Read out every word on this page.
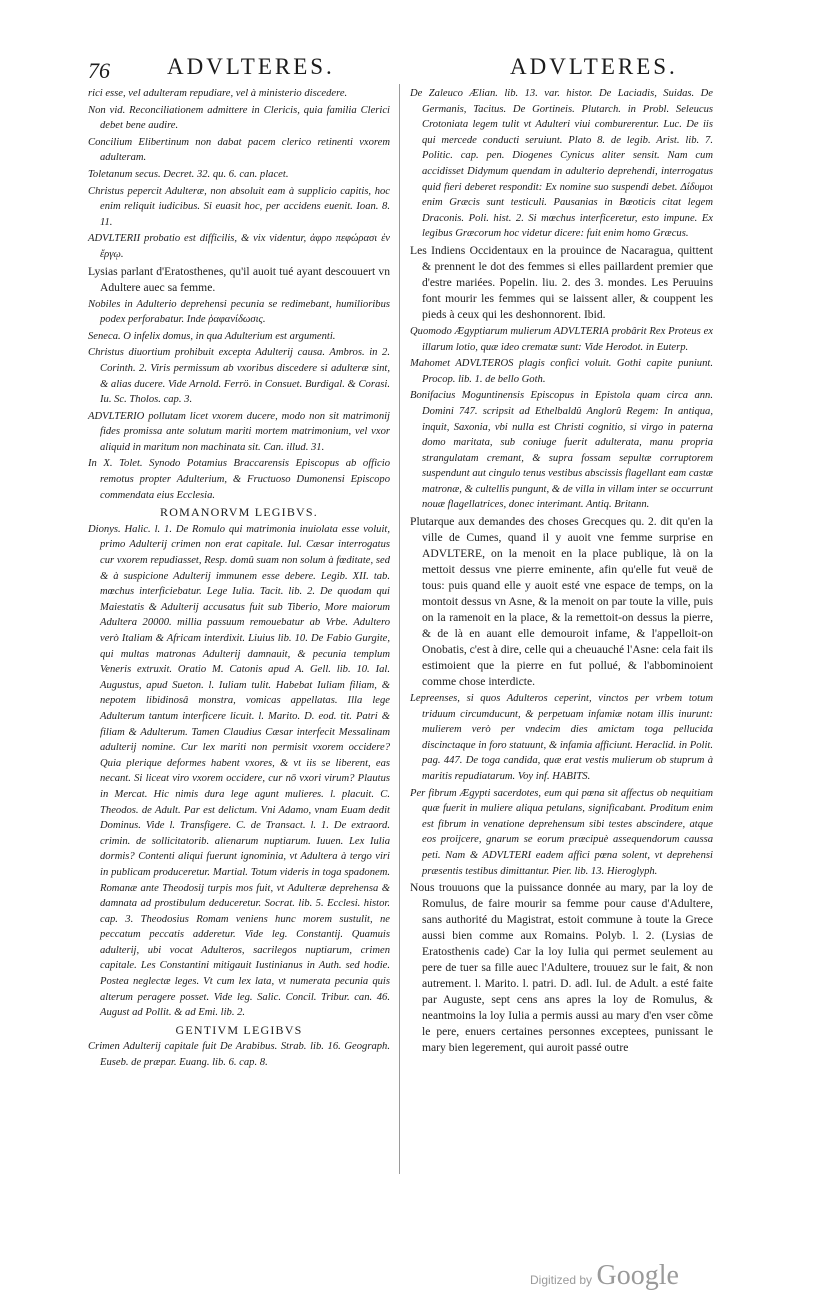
76 ADVLTERES.	ADVLTERES.

rici esse, vel adulteram repudiare, vel à ministerio discedere.

Non vid. Reconciliationem admittere in Clericis, quia familia Clerici debet bene audire.

Concilium Elibertinum non dabat pacem clerico retinenti vxorem adulteram.

Toletanum secus. Decret. 32. qu. 6. can. placet.

Christus pepercit Adulteræ, non absoluit eam à supplicio capitis, hoc enim reliquit iudicibus. Si euasit hoc, per accidens euenit. Ioan. 8. 11.

ADVLTERII probatio est difficilis, & vix videntur, ἀφρο πεφώρασι ἐν ἔργῳ.

Lysias parlant d'Eratosthenes, qu'il auoit tué ayant descouuert vn Adultere auec sa femme.

Nobiles in Adulterio deprehensi pecunia se redimebant, humilioribus podex perforabatur. Inde ῥαφανίδωσις.

Seneca. O infelix domus, in qua Adulterium est argumenti.

Christus diuortium prohibuit excepta Adulterij causa. Ambros. in 2. Corinth. 2. Viris permissum ab vxoribus discedere si adulteræ sint, & alias ducere. Vide Arnold. Ferrö. in Consuet. Burdigal. & Corasi. Iu. Sc. Tholos. cap. 3.

ADVLTERIO pollutam licet vxorem ducere, modo non sit matrimonij fides promissa ante solutum mariti mortem matrimonium, vel vxor aliquid in maritum non machinata sit. Can. illud. 31.

In X. Tolet. Synodo Potamius Braccarensis Episcopus ab officio remotus propter Adulterium, & Fructuoso Dumonensi Episcopo commendata eius Ecclesia.

ROMANORVM LEGIBVS.

Dionys. Halic. l. 1. De Romulo qui matrimonia inuiolata esse voluit, primo Adulterij crimen non erat capitale. Iul. Cæsar interrogatus cur vxorem repudiasset, Resp. domû suam non solum à fœditate, sed & à suspicione Adulterij immunem esse debere. Legib. XII. tab. mœchus interficiebatur. Lege Iulia. Tacit. lib. 2. De quodam qui Maiestatis & Adulterij accusatus fuit sub Tiberio, More maiorum Adultera 20000. millia passuum remouebatur ab Vrbe. Adultero verò Italiam & Africam interdixit. Liuius lib. 10. De Fabio Gurgite, qui multas matronas Adulterij damnauit, & pecunia templum Veneris extruxit. Oratio M. Catonis apud A. Gell. lib. 10. Ial. Augustus, apud Sueton. l. Iuliam tulit. Habebat Iuliam filiam, & nepotem libidinosâ monstra, vomicas appellatas. Illa lege Adulterum tantum interficere licuit. l. Marito. D. eod. tit. Patri & filiam & Adulterum. Tamen Claudius Cæsar interfecit Messalinam adulterij nomine. Cur lex mariti non permisit vxorem occidere? Quia plerique deformes habent vxores, & vt iis se liberent, eas necant. Si liceat viro vxorem occidere, cur nō vxori virum? Plautus in Mercat. Hic nimis dura lege agunt mulieres. l. placuit. C. Theodos. de Adult. Par est delictum. Vni Adamo, vnam Euam dedit Dominus. Vide l. Transfigere. C. de Transact. l. 1. De extraord. crimin. de sollicitatorib. alienarum nuptiarum. Iuuen. Lex Iulia dormis? Contenti aliqui fuerunt ignominia, vt Adultera à tergo viri in publicam produceretur. Martial. Totum videris in toga spadonem. Romanæ ante Theodosij turpis mos fuit, vt Adulteræ deprehensa & damnata ad prostibulum deduceretur. Socrat. lib. 5. Ecclesi. histor. cap. 3. Theodosius Romam veniens hunc morem sustulit, ne peccatum peccatis adderetur. Vide leg. Constantij. Quamuis adulterij, ubi vocat Adulteros, sacrilegos nuptiarum, crimen capitale. Les Constantini mitigauit Iustinianus in Auth. sed hodie. Postea neglectæ leges. Vt cum lex lata, vt numerata pecunia quis alterum peragere posset. Vide leg. Salic. Concil. Tribur. can. 46. August ad Pollit. & ad Emi. lib. 2.

GENTIVM LEGIBVS

Crimen Adulterij capitale fuit De Arabibus. Strab. lib. 16. Geograph. Euseb. de præpar. Euang. lib. 6. cap. 8.

De Zaleuco Ælian. lib. 13. var. histor. De Laciadis, Suidas. De Germanis, Tacitus. De Gortineis. Plutarch. in Probl. Seleucus Crotoniata legem tulit vt Adulteri viui comburerentur. Luc. De iis qui mercede conducti seruiunt. Plato 8. de legib. Arist. lib. 7. Politic. cap. pen. Diogenes Cynicus aliter sensit. Nam cum accidisset Didymum quendam in adulterio deprehendi, interrogatus quid fieri deberet respondit: Ex nomine suo suspendi debet. Δίδυμοι enim Græcis sunt testiculi. Pausanias in Bœoticis citat legem Draconis. Poli. hist. 2. Si mœchus interficeretur, esto impune. Ex legibus Græcorum hoc videtur dicere: fuit enim homo Græcus.

Les Indiens Occidentaux en la prouince de Nacaragua, quittent & prennent le dot des femmes si elles paillardent premier que d'estre mariées. Popelin. liu. 2. des 3. mondes. Les Peruuins font mourir les femmes qui se laissent aller, & couppent les pieds à ceux qui les deshonnorent. Ibid.

Quomodo Ægyptiarum mulierum ADVLTERIA probârit Rex Proteus ex illarum lotio, quæ ideo crematæ sunt: Vide Herodot. in Euterp.

Mahomet ADVLTEROS plagis confici voluit. Gothi capite puniunt. Procop. lib. 1. de bello Goth.

Bonifacius Moguntinensis Episcopus in Epistola quam circa ann. Domini 747. scripsit ad Ethelbaldû Anglorû Regem: In antiqua, inquit, Saxonia, vbi nulla est Christi cognitio, si virgo in paterna domo maritata, sub coniuge fuerit adulterata, manu propria strangulatam cremant, & supra fossam sepultæ corruptorem suspendunt aut cingulo tenus vestibus abscissis flagellant eam castæ matronæ, & cultellis pungunt, & de villa in villam inter se occurrunt nouæ flagellatrices, donec interimant. Antiq. Britann.

Plutarque aux demandes des choses Grecques qu. 2. dit qu'en la ville de Cumes, quand il y auoit vne femme surprise en ADVLTERE, on la menoit en la place publique, là on la mettoit dessus vne pierre eminente, afin qu'elle fut veuë de tous: puis quand elle y auoit esté vne espace de temps, on la montoit dessus vn Asne, & la menoit on par toute la ville, puis on la ramenoit en la place, & la remettoit-on dessus la pierre, & de là en auant elle demouroit infame, & l'appelloit-on Onobatis, c'est à dire, celle qui a cheuauché l'Asne: cela fait ils estimoient que la pierre en fut pollué, & l'abbominoient comme chose interdicte.

Lepreenses, si quos Adulteros ceperint, vinctos per vrbem totum triduum circumducunt, & perpetuam infamiæ notam illis inurunt: mulierem verò per vndecim dies amictam toga pellucida discinctaque in foro statuunt, & infamia afficiunt. Heraclid. in Polit. pag. 447. De toga candida, quæ erat vestis mulierum ob stuprum à maritis repudiatarum. Voy inf. HABITS.

Per fibrum Ægypti sacerdotes, eum qui pœna sit affectus ob nequitiam quæ fuerit in muliere aliqua petulans, significabant. Proditum enim est fibrum in venatione deprehensum sibi testes abscindere, atque eos proijcere, gnarum se eorum præcipuè assequendorum caussa peti. Nam & ADVLTERI eadem affici pœna solent, vt deprehensi præsentis testibus dimittantur. Pier. lib. 13. Hieroglyph.

Nous trouuons que la puissance donnée au mary, par la loy de Romulus, de faire mourir sa femme pour cause d'Adultere, sans authorité du Magistrat, estoit commune à toute la Grece aussi bien comme aux Romains. Polyb. l. 2. (Lysias de Eratosthenis cade) Car la loy Iulia qui permet seulement au pere de tuer sa fille auec l'Adultere, trouuez sur le fait, & non autrement. l. Marito. l. patri. D. adl. Iul. de Adult. a esté faite par Auguste, sept cens ans apres la loy de Romulus, & neantmoins la loy Iulia a permis aussi au mary d'en vser cõme le pere, enuers certaines personnes exceptees, punissant le mary bien legerement, qui auroit passé outre

Digitized by Google
